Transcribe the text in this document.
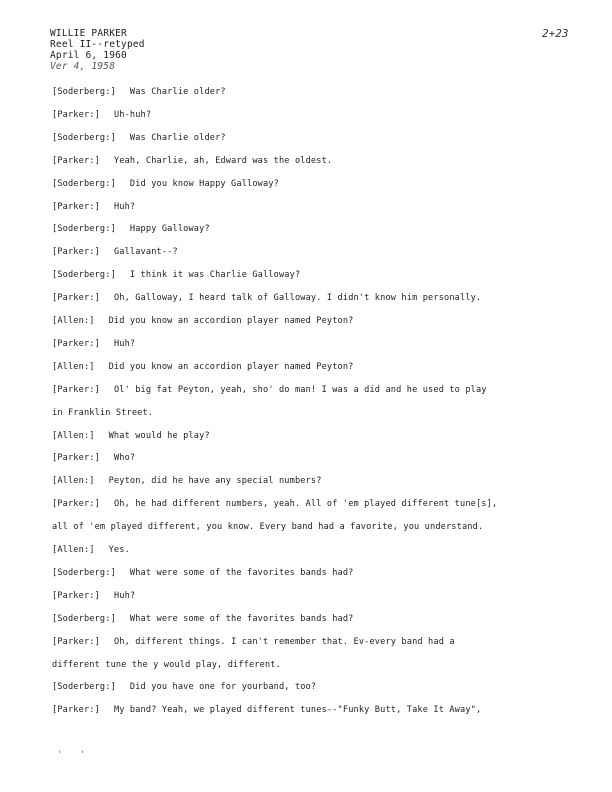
WILLIE PARKER
Reel II--retyped
April 6, 1960
Ver 4, 1958
2+23
[ Soderberg :]	Was Charlie older?
[ Parker :]	Uh-huh?
[ Soderberg :]	Was Charlie older?
[ Parker :]	Yeah, Charlie, ah, Edward was the oldest.
[ Soderberg :]	Did you know Happy Galloway?
[ Parker :]	Huh?
[ Soderberg :]	Happy Galloway?
[ Parker :]	Gallavant--?
[ Soderberg :]	I think it was Charlie Galloway?
[ Parker :]	Oh, Galloway, I heard talk of Galloway. I didn't know him personally.
[ Allen :]	Did you know an accordion player named Peyton?
[ Parker :]	Huh?
[ Allen :]	Did you know an accordion player named Peyton?
[ Parker :]	Ol' big fat Peyton, yeah, sho' do man! I was a did and he used to play
in Franklin Street.
[ Allen :]	What would he play?
[ Parker :]	Who?
[ Allen :]	Peyton, did he have any special numbers?
[ Parker :]	Oh, he had different numbers, yeah. All of 'em played different tune[s],
all of 'em played different, you know. Every band had a favorite, you understand.
[ Allen :]	Yes.
[ Soderberg :]	What were some of the favorites bands had?
[ Parker :]	Huh?
[ Soderberg :]	What were some of the favorites bands had?
[ Parker :]	Oh, different things. I can't remember that. Ev-every band had a
different tune the y would play, different.
[ Soderberg :]	Did you have one for yourband, too?
[ Parker :]	My band? Yeah, we played different tunes--"Funky Butt, Take It Away",
' '
